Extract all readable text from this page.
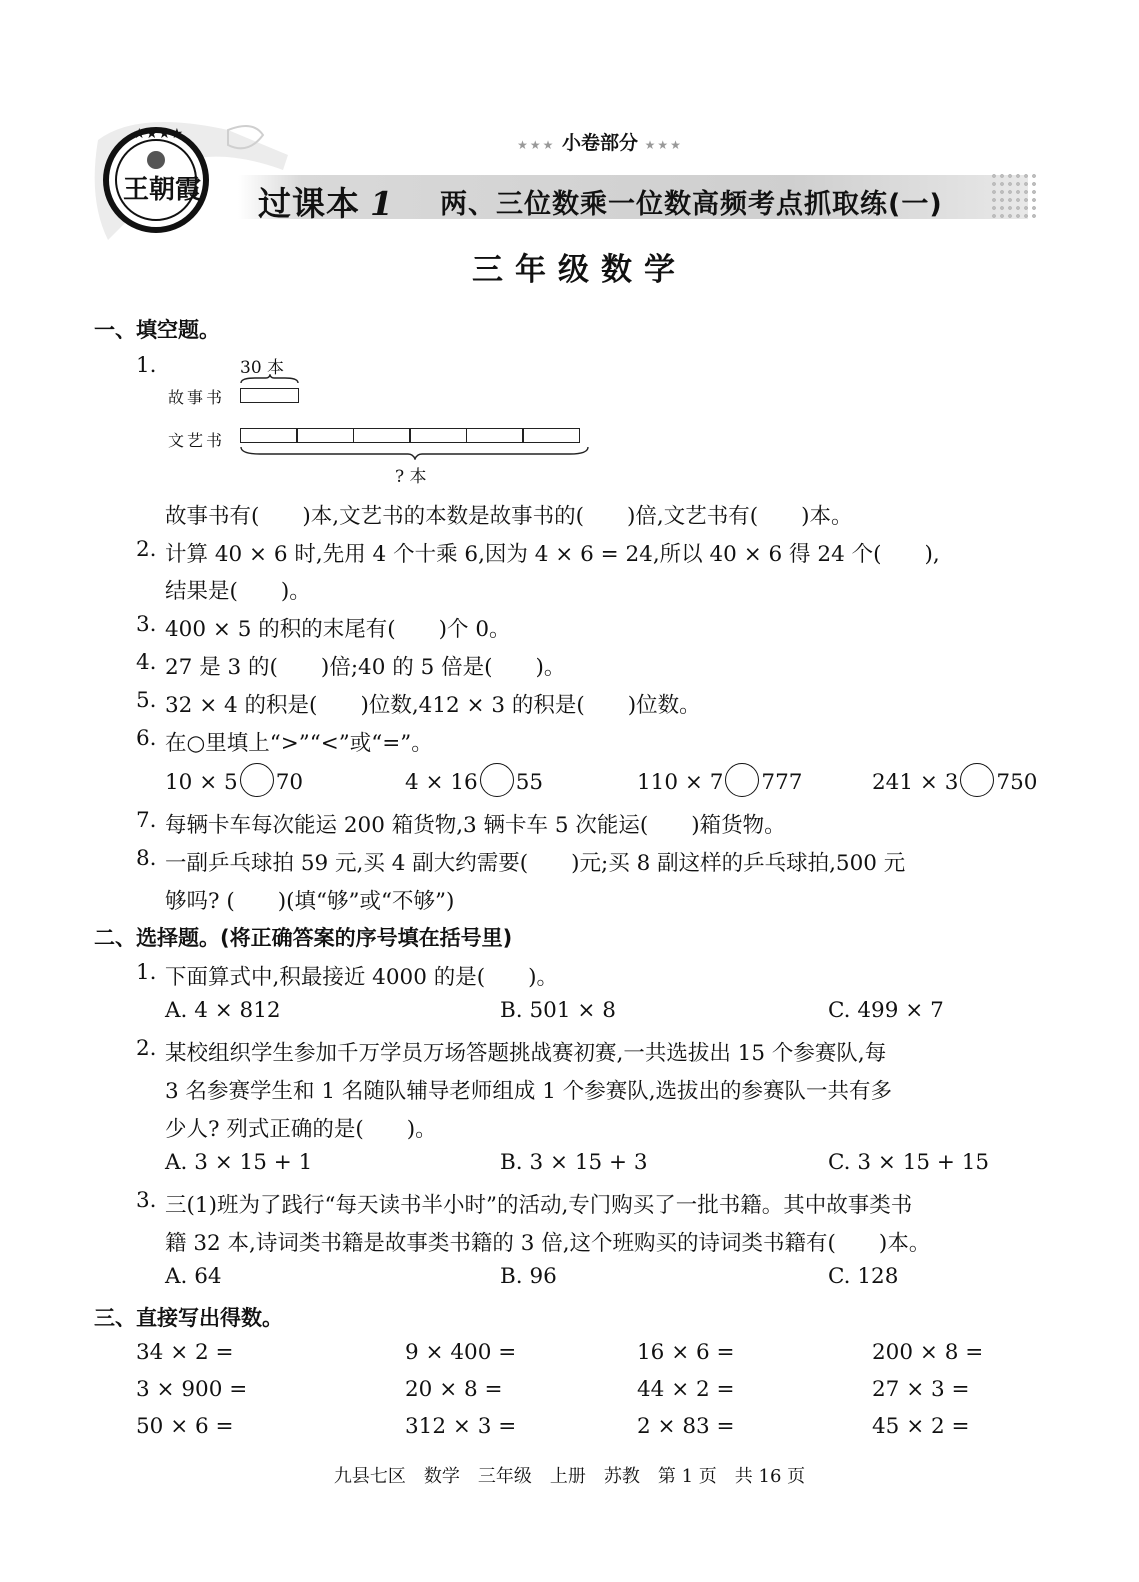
★★★★
王朝霞
★★★ 小卷部分 ★★★
过课本 1 两、三位数乘一位数高频考点抓取练(一)
三年级数学
一、填空题。
1.	30 本
故事书
文艺书
? 本
故事书有(　　)本,文艺书的本数是故事书的(　　)倍,文艺书有(　　)本。
2. 计算 40 × 6 时,先用 4 个十乘 6,因为 4 × 6 = 24,所以 40 × 6 得 24 个(　　),
结果是(　　)。
3. 400 × 5 的积的末尾有(　　)个 0。
4. 27 是 3 的(　　)倍;40 的 5 倍是(　　)。
5. 32 × 4 的积是(　　)位数,412 × 3 的积是(　　)位数。
6. 在○里填上“>”“<”或“=”。
10 × 5 70	4 × 16 55	110 × 7 777	241 × 3 750
7. 每辆卡车每次能运 200 箱货物,3 辆卡车 5 次能运(　　)箱货物。
8. 一副乒乓球拍 59 元,买 4 副大约需要(　　)元;买 8 副这样的乒乓球拍,500 元
够吗? (　　)(填“够”或“不够”)
二、选择题。(将正确答案的序号填在括号里)
1. 下面算式中,积最接近 4000 的是(　　)。
A. 4 × 812	B. 501 × 8	C. 499 × 7
2. 某校组织学生参加千万学员万场答题挑战赛初赛,一共选拔出 15 个参赛队,每
3 名参赛学生和 1 名随队辅导老师组成 1 个参赛队,选拔出的参赛队一共有多
少人? 列式正确的是(　　)。
A. 3 × 15 + 1	B. 3 × 15 + 3	C. 3 × 15 + 15
3. 三(1)班为了践行“每天读书半小时”的活动,专门购买了一批书籍。其中故事类书
籍 32 本,诗词类书籍是故事类书籍的 3 倍,这个班购买的诗词类书籍有(　　)本。
A. 64	B. 96	C. 128
三、直接写出得数。
34 × 2 =	9 × 400 =	16 × 6 =	200 × 8 =
3 × 900 =	20 × 8 =	44 × 2 =	27 × 3 =
50 × 6 =	312 × 3 =	2 × 83 =	45 × 2 =
九县七区　数学　三年级　上册　苏教　第 1 页　共 16 页
